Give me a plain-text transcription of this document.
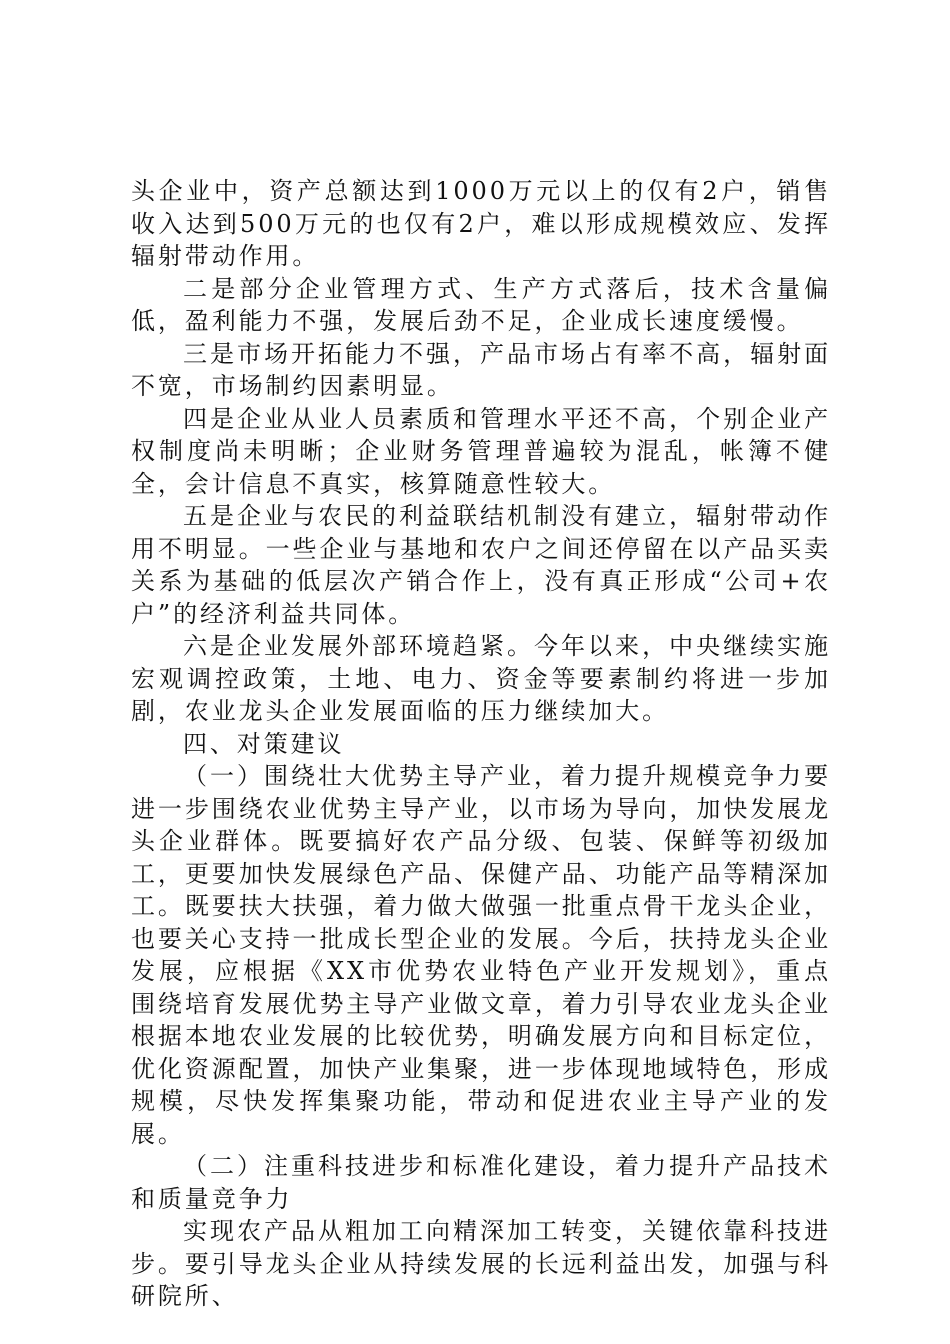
头企业中，资产总额达到1000万元以上的仅有2户，销售收入达到500万元的也仅有2户，难以形成规模效应、发挥辐射带动作用。

二是部分企业管理方式、生产方式落后，技术含量偏低，盈利能力不强，发展后劲不足，企业成长速度缓慢。

三是市场开拓能力不强，产品市场占有率不高，辐射面不宽，市场制约因素明显。

四是企业从业人员素质和管理水平还不高，个别企业产权制度尚未明晰；企业财务管理普遍较为混乱，帐簿不健全，会计信息不真实，核算随意性较大。

五是企业与农民的利益联结机制没有建立，辐射带动作用不明显。一些企业与基地和农户之间还停留在以产品买卖关系为基础的低层次产销合作上，没有真正形成“公司+农户”的经济利益共同体。

六是企业发展外部环境趋紧。今年以来，中央继续实施宏观调控政策，土地、电力、资金等要素制约将进一步加剧，农业龙头企业发展面临的压力继续加大。

四、对策建议

（一）围绕壮大优势主导产业，着力提升规模竞争力要进一步围绕农业优势主导产业，以市场为导向，加快发展龙头企业群体。既要搞好农产品分级、包装、保鲜等初级加工，更要加快发展绿色产品、保健产品、功能产品等精深加工。既要扶大扶强，着力做大做强一批重点骨干龙头企业，也要关心支持一批成长型企业的发展。今后，扶持龙头企业发展，应根据《XX市优势农业特色产业开发规划》，重点围绕培育发展优势主导产业做文章，着力引导农业龙头企业根据本地农业发展的比较优势，明确发展方向和目标定位，优化资源配置，加快产业集聚，进一步体现地域特色，形成规模，尽快发挥集聚功能，带动和促进农业主导产业的发展。

（二）注重科技进步和标准化建设，着力提升产品技术和质量竞争力

实现农产品从粗加工向精深加工转变，关键依靠科技进步。要引导龙头企业从持续发展的长远利益出发，加强与科研院所、
